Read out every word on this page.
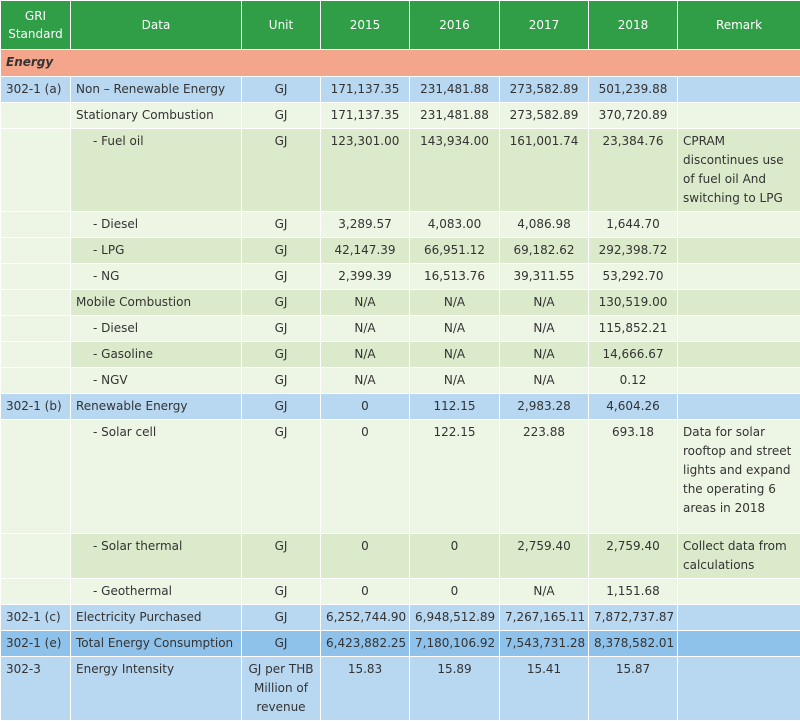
GRI Standard	Data	Unit	2015	2016	2017	2018	Remark
Energy							
302-1 (a)	Non – Renewable Energy	GJ	171,137.35	231,481.88	273,582.89	501,239.88	
	Stationary Combustion	GJ	171,137.35	231,481.88	273,582.89	370,720.89	
	- Fuel oil	GJ	123,301.00	143,934.00	161,001.74	23,384.76	CPRAM discontinues use of fuel oil And switching to LPG
	- Diesel	GJ	3,289.57	4,083.00	4,086.98	1,644.70	
	- LPG	GJ	42,147.39	66,951.12	69,182.62	292,398.72	
	- NG	GJ	2,399.39	16,513.76	39,311.55	53,292.70	
	Mobile Combustion	GJ	N/A	N/A	N/A	130,519.00	
	- Diesel	GJ	N/A	N/A	N/A	115,852.21	
	- Gasoline	GJ	N/A	N/A	N/A	14,666.67	
	- NGV	GJ	N/A	N/A	N/A	0.12	
302-1 (b)	Renewable Energy	GJ	0	112.15	2,983.28	4,604.26	
	- Solar cell	GJ	0	122.15	223.88	693.18	Data for solar rooftop and street lights and expand the operating 6 areas in 2018
	- Solar thermal	GJ	0	0	2,759.40	2,759.40	Collect data from calculations
	- Geothermal	GJ	0	0	N/A	1,151.68	
302-1 (c)	Electricity Purchased	GJ	6,252,744.90	6,948,512.89	7,267,165.11	7,872,737.87	
302-1 (e)	Total Energy Consumption	GJ	6,423,882.25	7,180,106.92	7,543,731.28	8,378,582.01	
302-3	Energy Intensity	GJ per THB Million of revenue	15.83	15.89	15.41	15.87	
